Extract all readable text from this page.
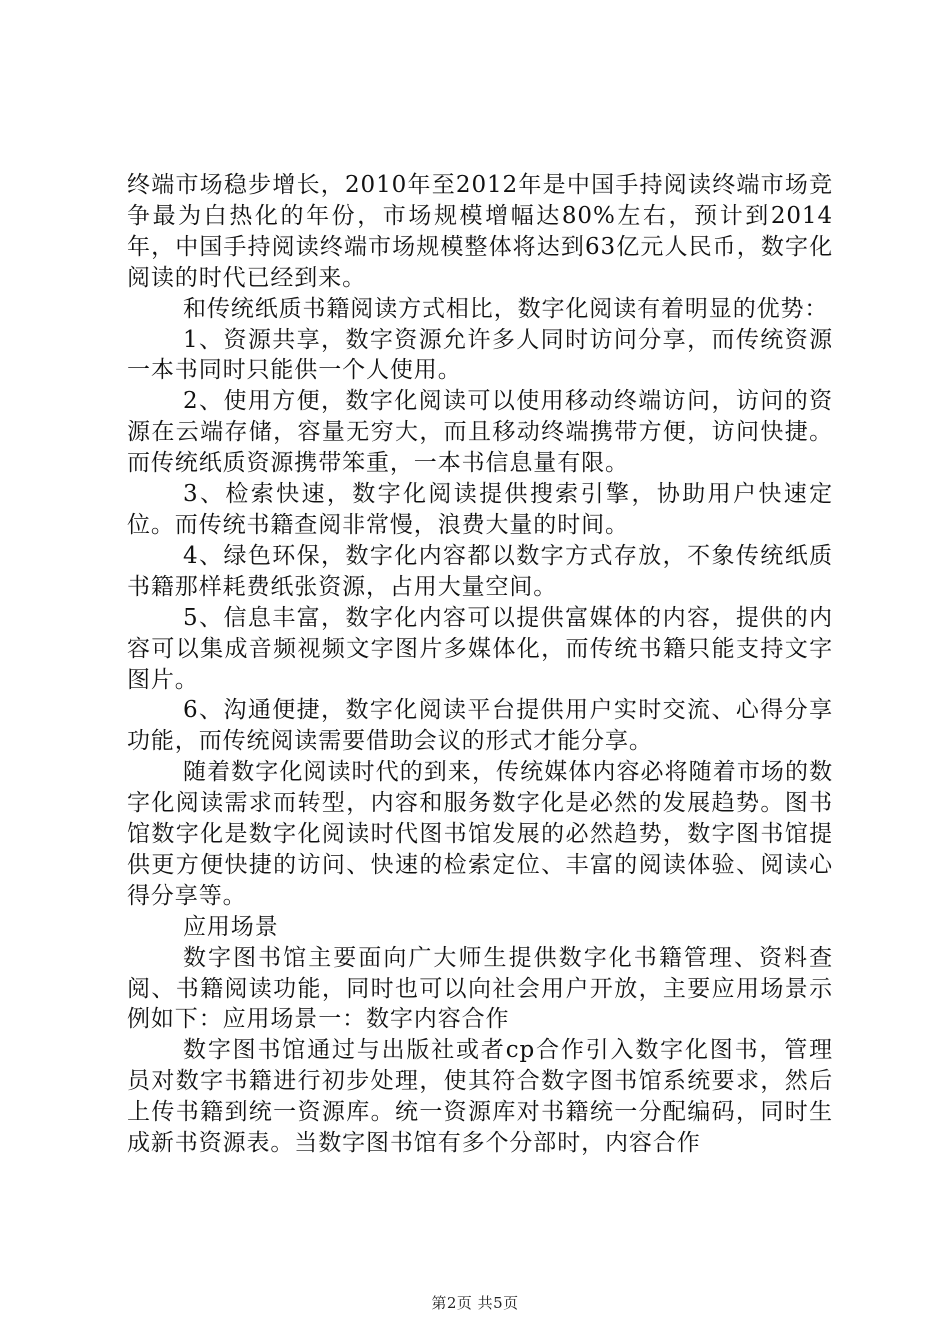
终端市场稳步增长，2010年至2012年是中国手持阅读终端市场竞争最为白热化的年份，市场规模增幅达80%左右，预计到2014年，中国手持阅读终端市场规模整体将达到63亿元人民币，数字化阅读的时代已经到来。

和传统纸质书籍阅读方式相比，数字化阅读有着明显的优势：

1、资源共享，数字资源允许多人同时访问分享，而传统资源一本书同时只能供一个人使用。

2、使用方便，数字化阅读可以使用移动终端访问，访问的资源在云端存储，容量无穷大，而且移动终端携带方便，访问快捷。而传统纸质资源携带笨重，一本书信息量有限。

3、检索快速，数字化阅读提供搜索引擎，协助用户快速定位。而传统书籍查阅非常慢，浪费大量的时间。

4、绿色环保，数字化内容都以数字方式存放，不象传统纸质书籍那样耗费纸张资源，占用大量空间。

5、信息丰富，数字化内容可以提供富媒体的内容，提供的内容可以集成音频视频文字图片多媒体化，而传统书籍只能支持文字图片。

6、沟通便捷，数字化阅读平台提供用户实时交流、心得分享功能，而传统阅读需要借助会议的形式才能分享。

随着数字化阅读时代的到来，传统媒体内容必将随着市场的数字化阅读需求而转型，内容和服务数字化是必然的发展趋势。图书馆数字化是数字化阅读时代图书馆发展的必然趋势，数字图书馆提供更方便快捷的访问、快速的检索定位、丰富的阅读体验、阅读心得分享等。

应用场景

数字图书馆主要面向广大师生提供数字化书籍管理、资料查阅、书籍阅读功能，同时也可以向社会用户开放，主要应用场景示例如下：应用场景一：数字内容合作

数字图书馆通过与出版社或者cp合作引入数字化图书，管理员对数字书籍进行初步处理，使其符合数字图书馆系统要求，然后上传书籍到统一资源库。统一资源库对书籍统一分配编码，同时生成新书资源表。当数字图书馆有多个分部时，内容合作

第2页 共5页
